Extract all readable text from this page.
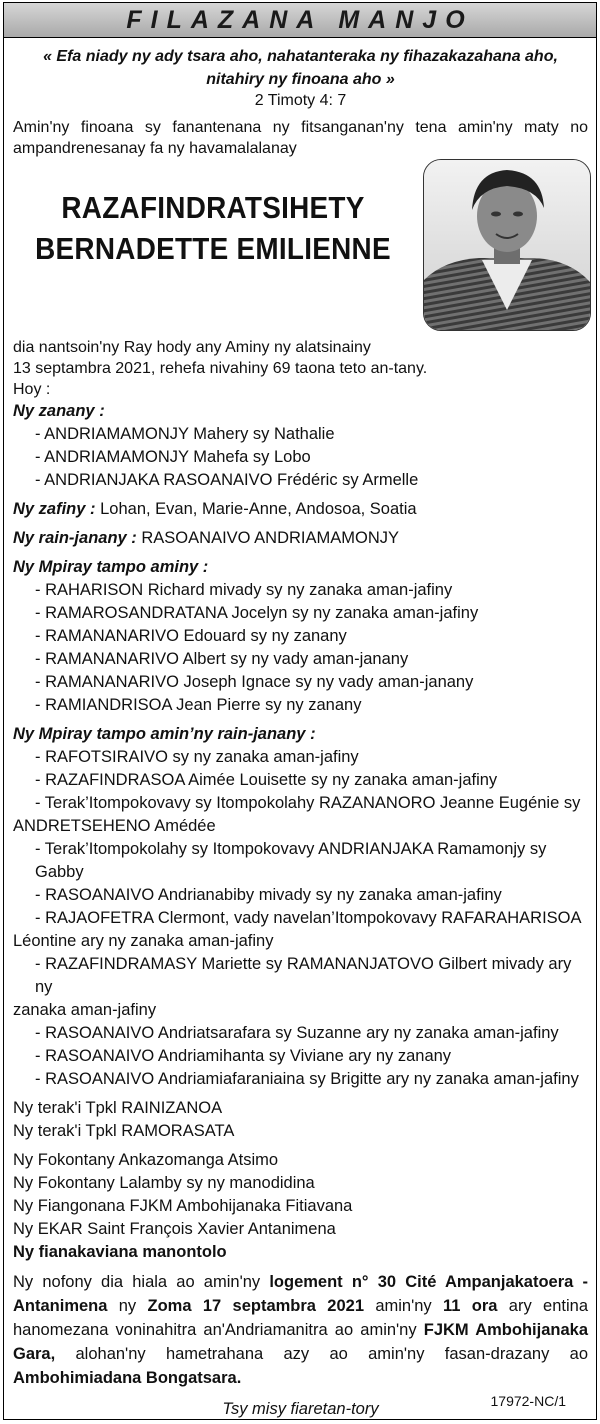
FILAZANA MANJO
« Efa niady ny ady tsara aho, nahatanteraka ny fihazakazahana aho,
nitahiry ny finoana aho »
2 Timoty 4: 7
Amin'ny finoana sy fanantenana ny fitsanganan'ny tena amin'ny maty no ampandrenesanay fa ny havamalalanay
RAZAFINDRATSIHETY
BERNADETTE EMILIENNE
dia nantsoin'ny Ray hody any Aminy ny alatsinainy
13 septambra 2021, rehefa nivahiny 69 taona teto an-tany.
Hoy :
Ny zanany :
- ANDRIAMAMONJY Mahery sy Nathalie
- ANDRIAMAMONJY Mahefa sy Lobo
- ANDRIANJAKA RASOANAIVO Frédéric sy Armelle
Ny zafiny : Lohan, Evan, Marie-Anne, Andosoa, Soatia
Ny rain-janany : RASOANAIVO ANDRIAMAMONJY
Ny Mpiray tampo aminy :
- RAHARISON Richard mivady sy ny zanaka aman-jafiny
- RAMAROSANDRATANA Jocelyn sy ny zanaka aman-jafiny
- RAMANANARIVO Edouard sy ny zanany
- RAMANANARIVO Albert sy ny vady aman-janany
- RAMANANARIVO Joseph Ignace sy ny vady aman-janany
- RAMIANDRISOA Jean Pierre sy ny zanany
Ny Mpiray tampo amin’ny rain-janany :
- RAFOTSIRAIVO sy ny zanaka aman-jafiny
- RAZAFINDRASOA Aimée Louisette sy ny zanaka aman-jafiny
- Terak’Itompokovavy sy Itompokolahy RAZANANORO Jeanne Eugénie sy
ANDRETSEHENO Amédée
- Terak’Itompokolahy sy Itompokovavy ANDRIANJAKA Ramamonjy sy Gabby
- RASOANAIVO Andrianabiby mivady sy ny zanaka aman-jafiny
- RAJAOFETRA Clermont, vady navelan’Itompokovavy RAFARAHARISOA
Léontine ary ny zanaka aman-jafiny
- RAZAFINDRAMASY Mariette sy RAMANANJATOVO Gilbert mivady ary ny
zanaka aman-jafiny
- RASOANAIVO Andriatsarafara sy Suzanne ary ny zanaka aman-jafiny
- RASOANAIVO Andriamihanta sy Viviane ary ny zanany
- RASOANAIVO Andriamiafaraniaina sy Brigitte ary ny zanaka aman-jafiny
Ny terak'i Tpkl RAINIZANOA
Ny terak'i Tpkl RAMORASATA
Ny Fokontany Ankazomanga Atsimo
Ny Fokontany Lalamby sy ny manodidina
Ny Fiangonana FJKM Ambohijanaka Fitiavana
Ny EKAR Saint François Xavier Antanimena
Ny fianakaviana manontolo
Ny nofony dia hiala ao amin'ny logement n° 30 Cité Ampanjakatoera - Antanimena ny Zoma 17 septambra 2021 amin'ny 11 ora ary entina hanomezana voninahitra an'Andriamanitra ao amin'ny FJKM Ambohijanaka Gara, alohan'ny hametrahana azy ao amin'ny fasan-drazany ao Ambohimiadana Bongatsara.
Tsy misy fiaretan-tory	17972-NC/1
